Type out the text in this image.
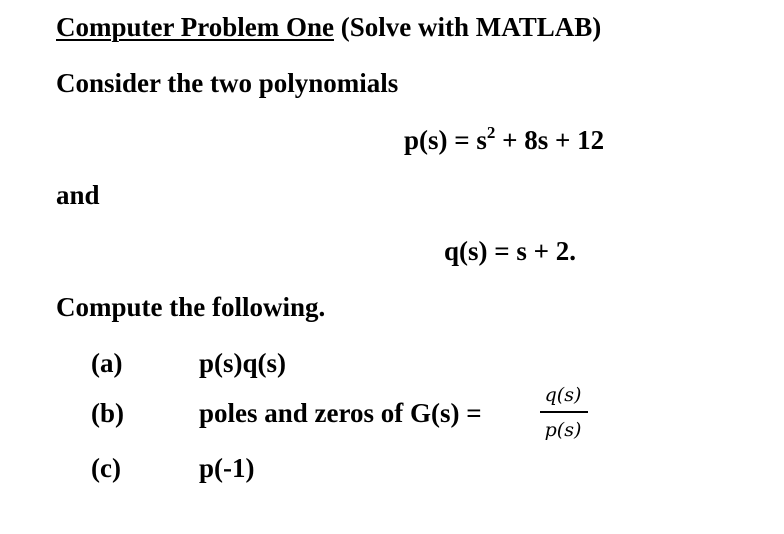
Computer Problem One (Solve with MATLAB)
Consider the two polynomials
$p(s) = s^2 + 8s + 12$
and
q(s) = s + 2.
Compute the following.
(a)	p(s)q(s)
(b)	poles and zeros of G(s) =
q(s)
p(s)
(c)	p(-1)
